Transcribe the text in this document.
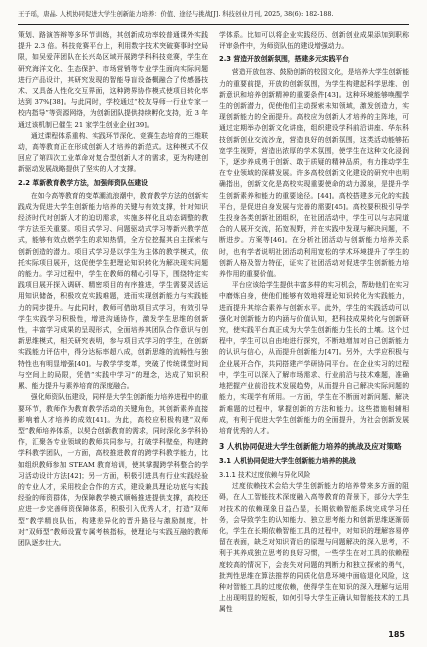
王子瑶，唐晶. 人机协同促进大学生创新能力培养：价值、途径与挑战[J]. 科技创业月刊, 2025, 38(6): 182-188.

策划、路演答辩等多环节训练，其创新成功率较普通课外实践提升 2.3 倍。科技竞赛平台上，利用数字技术突破赛事时空局限，如吴爱萍团队在长兴岛区域开展跨学科科技竞赛，学生在研究海洋文化、生态保护、市场营销等专业学生面向实际问题进行产品设计，其研究发现的智能导盲设备概融合了传感器技术、又具备人性化交互界面，这种跨界协作模式使项目转化率达到 37%[38]。与此同时，学校通过“校友导师一行业专家一校内指导”等资源网络，为创新团队提供持续孵化支持，近 3 年通过该机制已催生 21 家学生创业企业[39]。

通过课程体系重构、实践环节深化、竞赛生态培育的三维联动，高等教育正在形成创新人才培养的新范式。这种模式不仅回应了第四次工业革命对复合型创新人才的需求，更为构建创新驱动发展战略提供了坚实的人才支撑。

2.2 革新教育教学方法，加强师资队伍建设

在如今高等教育的变革潮流浪潮中，教育教学方法的创新实践成为促进大学生创新能力培养的关键与有效支撑，针对知识经济时代对创新人才的迫切需求，实施多样化且动态调整的教学方法至关重要。项目式学习、问题驱动式学习等新兴教学范式，能够有效点燃学生的求知热情，全方位挖掘其自主探索与创新创造的潜力。项目式学习是以学生为主体的教学模式，依托实际项目展开，这促使学生把理论知识转化为解决现实问题的能力。学习过程中，学生在教师的精心引导下，围绕特定实践项目展开探入调研、精密项目的有序推进，学生需要灵活运用知识储备，积极攻克实践难题，进而实现创新能力与实践能力的同步提升。与此同时，教师可借助项目式学习，有效引导学生实践学习积极性，增进沟通协作，激发学生思维的创新性，丰富学习成果的呈现形式，全面培养其团队合作意识与创新思维模式，相关研究表明，参与项目式学习的学生，在创新实践能力评估中，得分达标率超八成，创新思维的流畅性与独特性也有明显增强[40]。与教学学变革，突破了传统课堂时间与空间上的局限，凭借“实践中学习”的理念，达成了知识积累、能力提升与素养培育的深度融合。

强化师资队伍建设，同样是大学生创新能力培养进程中的重要环节，教师作为教育教学活动的关键角色，其创新素养直接影响着人才培养的成效[41]。为此，高校应积极构建“双师型”教师培养体系，以契合创新教育的需求，同时深化多学科协作，汇聚各专业领域的教师共同参与，打破学科壁垒，构建跨学科教学团队，一方面，高校推进教育的跨学科教学能力，比如组织教师参加 STEAM 教育培训，使其掌握跨学科整合的学习活动设计方法[42]；另一方面，积极引进具有行业实践经验的专业人才，采用校企合作的方式，建设兼具理论功底与实践经验的师资群体，为保障教学模式顺畅推进提供支撑，高校还应进一步完善师资保障体系，积极引入优秀人才，打造“双师型”教学精良队伍，构建差异化的晋升路径与激励制度，针对“双师型”教师设置专属考核指标，使理论与实践互融的教师团队逐步壮大。

学体系。比如可以将企业实践经历、创新创业成果添加到职称评审条件中，为师资队伍的建设增强动力。

2.3 营造开放创新氛围，搭建多元实践平台

营造开放包容、鼓励创新的校园文化，是培养大学生创新能力的重要前提，开放的创新氛围，为学生构建起科学思维、创新意识和培养创新精神的重要条件[43]。这种环境能够唤醒学生的创新潜力，促使他们主动探索未知领域，激发创造力，实现创新能力的全面提升。高校应为创新人才培养的主阵地，可通过定期举办创新文化讲座，组织建设学科前沿讲座、华东科技创新创业交流沙龙，营造良好的创新氛围，这类活动能够拓宽学生视野，营造出浓厚的学术氛围，使学生在这种文化浸润下，逐步养成勇于创新、敢于质疑的精神品质，有力推动学生在专业领域的深耕发展。许多高校创新文化建设的研究中也明确指出，创新文化是高校实现重要使命的动力源泉，是提升学生创新素养和能力的重要途径。[44]。高校搭建多元化的实践平台，是促进自身发展与完善的需要[45]。高校要积极引导学生投身各类创新社团组织，在社团活动中，学生可以与志同道合的人展开交流，拓宽视野，并在实践中发现与解决问题，不断进步。方案等[46]。在分析社团活动与创新能力培养关系时，也有学者说明社团活动利用宽松的学术环境提升了学生的创新人格及智力特征，证实了社团活动对促进学生创新能力培养作用的重要价值。

平台应该给学生提供丰富多样的实习机会，帮助他们在实习中磨炼自身，使他们能够有效地将理论知识转化为实践能力，进而提升其综合素养与创新水平。此外，学生的实践活动可以强化对创新能力的内涵与价值认知，把科技成果转化与创新研究，使实践平台真正成为大学生创新能力生长的土壤。这个过程中，学生可以自由地进行探究，不断地增加对自己创新能力的认识与信心，从而提升创新能力[47]。另外，大学应积极与企业展开合作，共同搭建产学研协同平台。在企业实习的过程中，学生可以深入了解市场需求、行业前沿与技术难题，准确地把握产业前沿技术发展趋势，从而提升自己解决实际问题的能力，实现学有所用。一方面，学生在不断面对新问题、解决新难题的过程中，掌握创新的方法和能力。这些措施相辅相成，有利于促进大学生创新能力的全面提升，为社会创新发展培育优秀的人才。

3 人机协同促进大学生创新能力培养的挑战及应对策略
3.1 人机协同促进大学生创新能力培养的挑战
3.1.1 技术过度依赖与异化风险

过度依赖技术会给大学生创新能力的培养带来多方面的阻碍，在人工智能技术深度融入高等教育的背景下，部分大学生对技术的依赖现象日益凸显，长期依赖智能系统完成学习任务，会导致学生的认知能力、独立思考能力和创新思维逐渐弱化，学生在长期依赖智能工具的过程中，对知识的理解容易停留在表面，缺乏对知识背后的原理与问题解决的深入思考，不利于其养成独立思考的良好习惯，一些学生在对工具的依赖程度较高的情况下，会丧失对问题的判断力和独立探索的勇气，批判性思维在算法推荐的同质化信息环境中面临退化风险，这种对智能工具的过度依赖，使得学生在知识的深入理解与运用上出现明显的短板，如何引导大学生正确认知智能技术的工具属性

185
